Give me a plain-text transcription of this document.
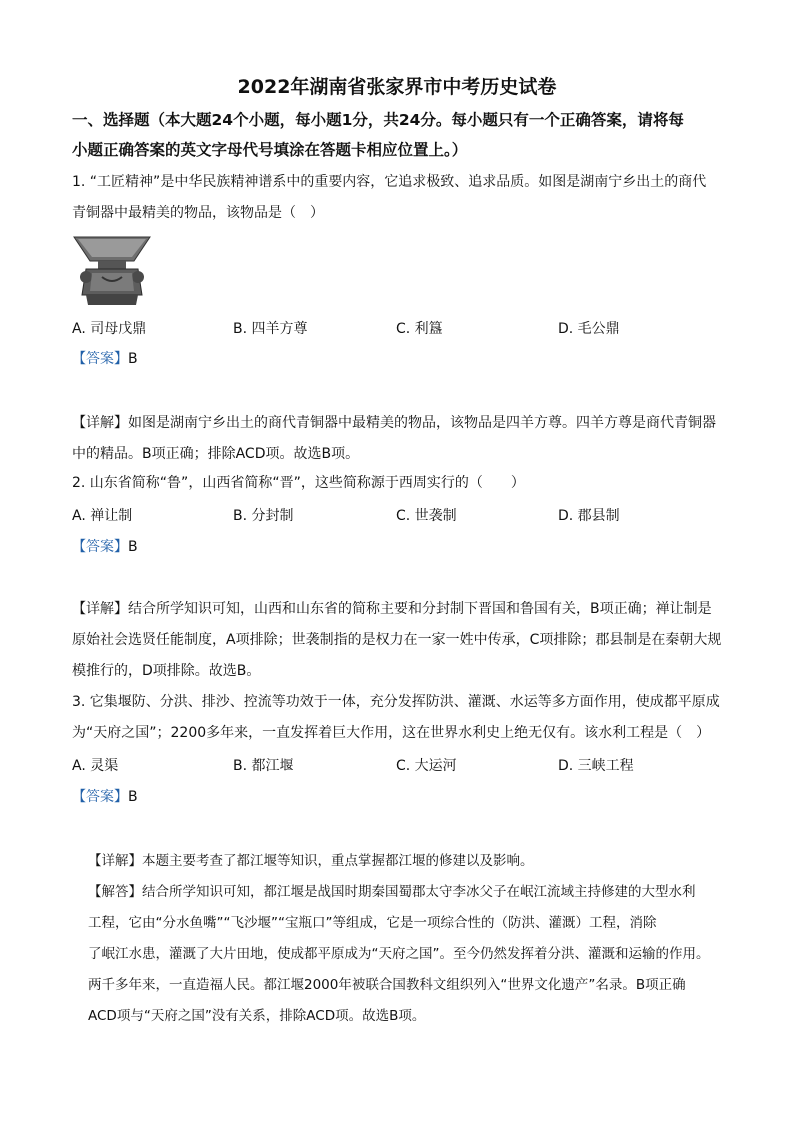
2022年湖南省张家界市中考历史试卷
一、选择题（本大题24个小题，每小题1分，共24分。每小题只有一个正确答案，请将每
小题正确答案的英文字母代号填涂在答题卡相应位置上。）
1. “工匠精神”是中华民族精神谱系中的重要内容，它追求极致、追求品质。如图是湖南宁乡出土的商代
青铜器中最精美的物品，该物品是（　）
A. 司母戊鼎	B. 四羊方尊	C. 利簋	D. 毛公鼎
【答案】B
【详解】如图是湖南宁乡出土的商代青铜器中最精美的物品，该物品是四羊方尊。四羊方尊是商代青铜器
中的精品。B项正确；排除ACD项。故选B项。
2. 山东省简称“鲁”，山西省简称“晋”，这些简称源于西周实行的（　　）
A. 禅让制	B. 分封制	C. 世袭制	D. 郡县制
【答案】B
【详解】结合所学知识可知，山西和山东省的简称主要和分封制下晋国和鲁国有关，B项正确；禅让制是
原始社会选贤任能制度，A项排除；世袭制指的是权力在一家一姓中传承，C项排除；郡县制是在秦朝大规
模推行的，D项排除。故选B。
3. 它集堰防、分洪、排沙、控流等功效于一体，充分发挥防洪、灌溉、水运等多方面作用，使成都平原成
为“天府之国”；2200多年来，一直发挥着巨大作用，这在世界水利史上绝无仅有。该水利工程是（　）
A. 灵渠	B. 都江堰	C. 大运河	D. 三峡工程
【答案】B
【详解】本题主要考查了都江堰等知识，重点掌握都江堰的修建以及影响。
【解答】结合所学知识可知，都江堰是战国时期秦国蜀郡太守李冰父子在岷江流域主持修建的大型水利
工程，它由“分水鱼嘴”“飞沙堰”“宝瓶口”等组成，它是一项综合性的（防洪、灌溉）工程，消除
了岷江水患，灌溉了大片田地，使成都平原成为“天府之国”。至今仍然发挥着分洪、灌溉和运输的作用。
两千多年来，一直造福人民。都江堰2000年被联合国教科文组织列入“世界文化遗产”名录。B项正确
ACD项与“天府之国”没有关系，排除ACD项。故选B项。
